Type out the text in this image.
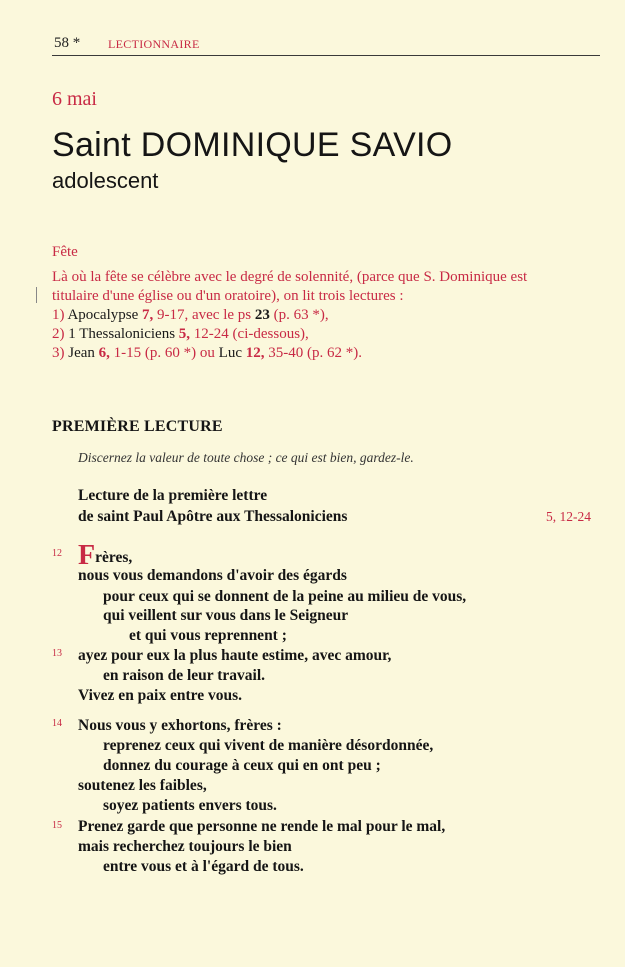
58 * LECTIONNAIRE
6 mai
Saint DOMINIQUE SAVIO
adolescent
Fête
Là où la fête se célèbre avec le degré de solennité, (parce que S. Dominique est
titulaire d'une église ou d'un oratoire), on lit trois lectures :
1) Apocalypse 7, 9-17, avec le ps 23 (p. 63 *),
2) 1 Thessaloniciens 5, 12-24 (ci-dessous),
3) Jean 6, 1-15 (p. 60 *) ou Luc 12, 35-40 (p. 62 *).
PREMIÈRE LECTURE
Discernez la valeur de toute chose ; ce qui est bien, gardez-le.
Lecture de la première lettre
de saint Paul Apôtre aux Thessaloniciens	5, 12-24
12
13
14
15
Frères,
nous vous demandons d'avoir des égards
pour ceux qui se donnent de la peine au milieu de vous,
qui veillent sur vous dans le Seigneur
et qui vous reprennent ;
ayez pour eux la plus haute estime, avec amour,
en raison de leur travail.
Vivez en paix entre vous.
Nous vous y exhortons, frères :
reprenez ceux qui vivent de manière désordonnée,
donnez du courage à ceux qui en ont peu ;
soutenez les faibles,
soyez patients envers tous.
Prenez garde que personne ne rende le mal pour le mal,
mais recherchez toujours le bien
entre vous et à l'égard de tous.
